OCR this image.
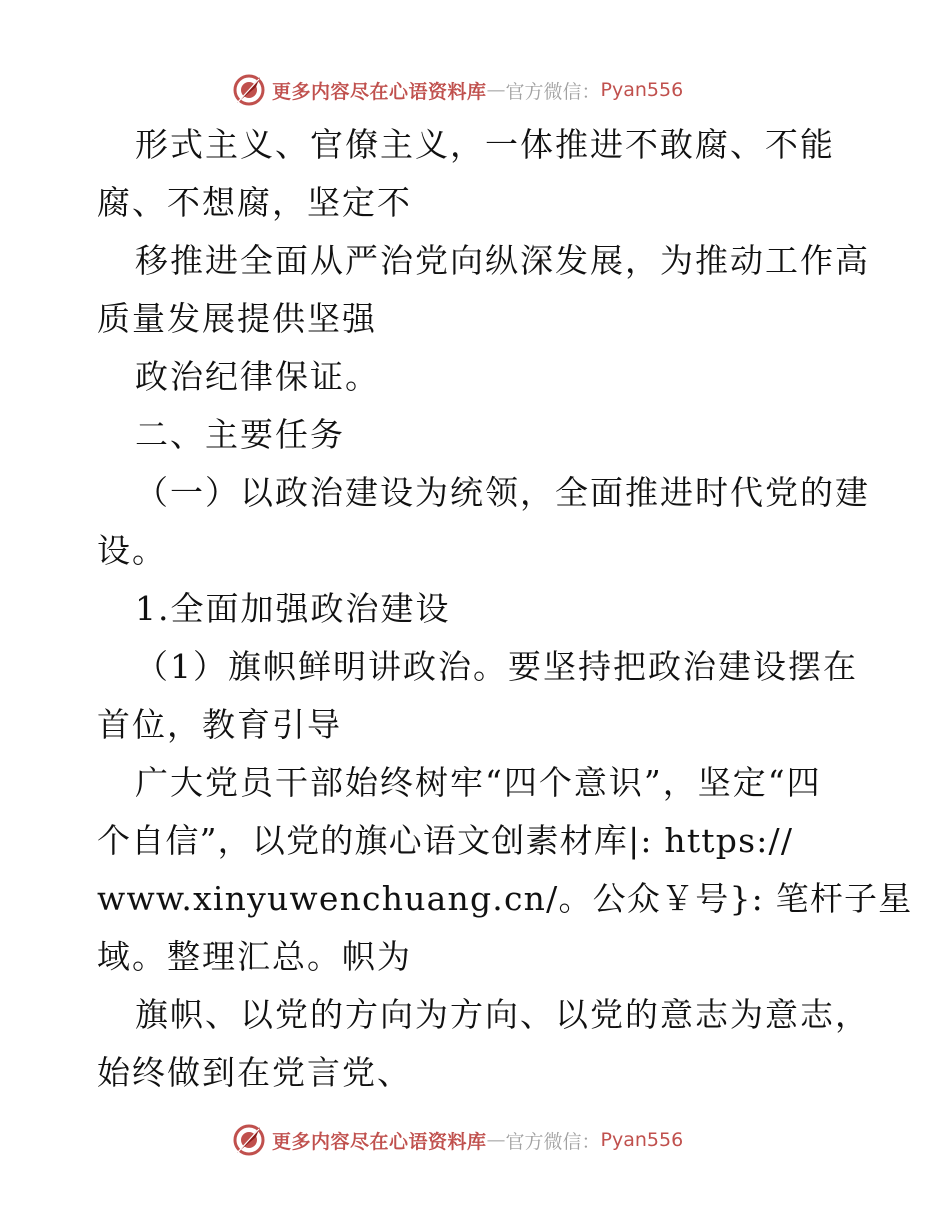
更多内容尽在心语资料库 — 官方微信： Pyan556
形式主义、官僚主义，一体推进不敢腐、不能
腐、不想腐，坚定不
移推进全面从严治党向纵深发展，为推动工作高
质量发展提供坚强
政治纪律保证。
二、主要任务
（一）以政治建设为统领，全面推进时代党的建
设。
1.全面加强政治建设
（1）旗帜鲜明讲政治。要坚持把政治建设摆在
首位，教育引导
广大党员干部始终树牢“四个意识”，坚定“四
个自信”，以党的旗心语文创素材库|: https://
www.xinyuwenchuang.cn/。公众￥号}: 笔杆子星
域。整理汇总。帜为
旗帜、以党的方向为方向、以党的意志为意志，
始终做到在党言党、
更多内容尽在心语资料库 — 官方微信： Pyan556
